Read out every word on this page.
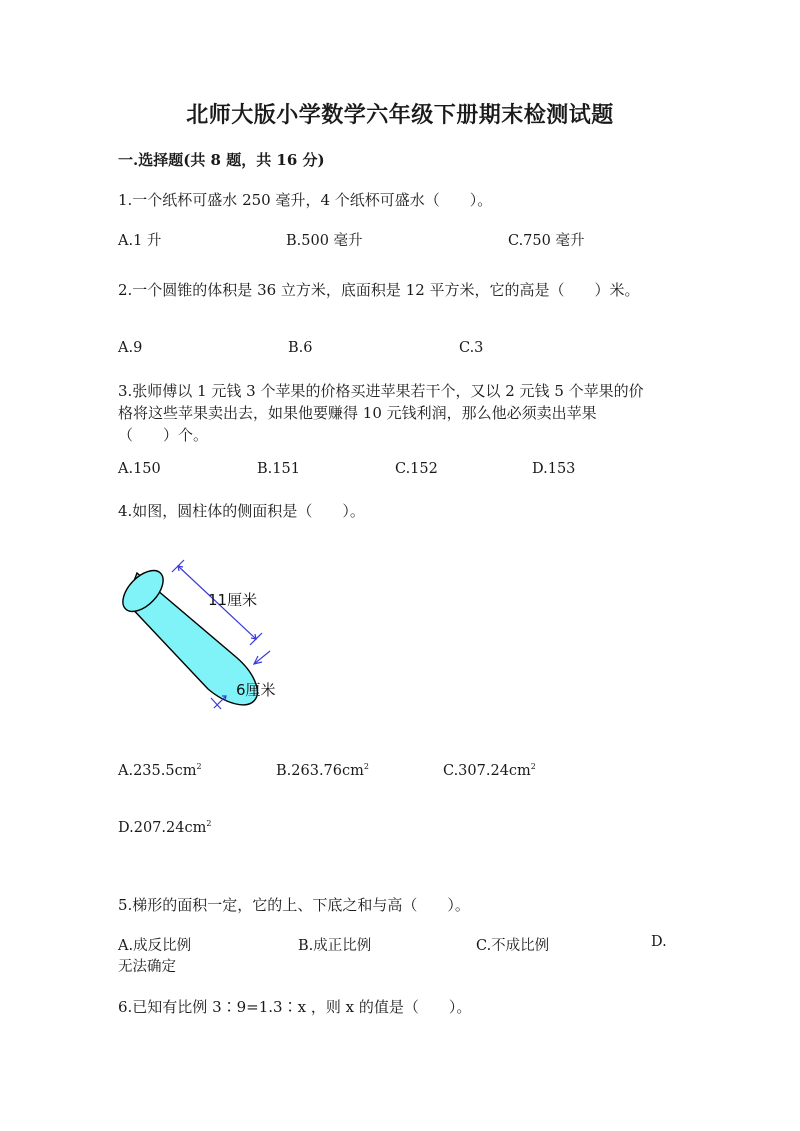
北师大版小学数学六年级下册期末检测试题
一.选择题(共 8 题，共 16 分)
1.一个纸杯可盛水 250 毫升，4 个纸杯可盛水（　　）。
A.1 升	B.500 毫升	C.750 毫升
2.一个圆锥的体积是 36 立方米，底面积是 12 平方米，它的高是（　　）米。
A.9	B.6	C.3
3.张师傅以 1 元钱 3 个苹果的价格买进苹果若干个，又以 2 元钱 5 个苹果的价
格将这些苹果卖出去，如果他要赚得 10 元钱利润，那么他必须卖出苹果
（　　）个。
A.150	B.151	C.152	D.153
4.如图，圆柱体的侧面积是（　　）。
11厘米
6厘米
$A.235.5cm^2$	$B.263.76cm^2$	$C.307.24cm^2$
$D.207.24cm^2$
5.梯形的面积一定，它的上、下底之和与高（　　）。
A.成反比例	B.成正比例	C.不成比例	D.
无法确定
6.已知有比例 3∶9=1.3∶x ，则 x 的值是（　　）。
